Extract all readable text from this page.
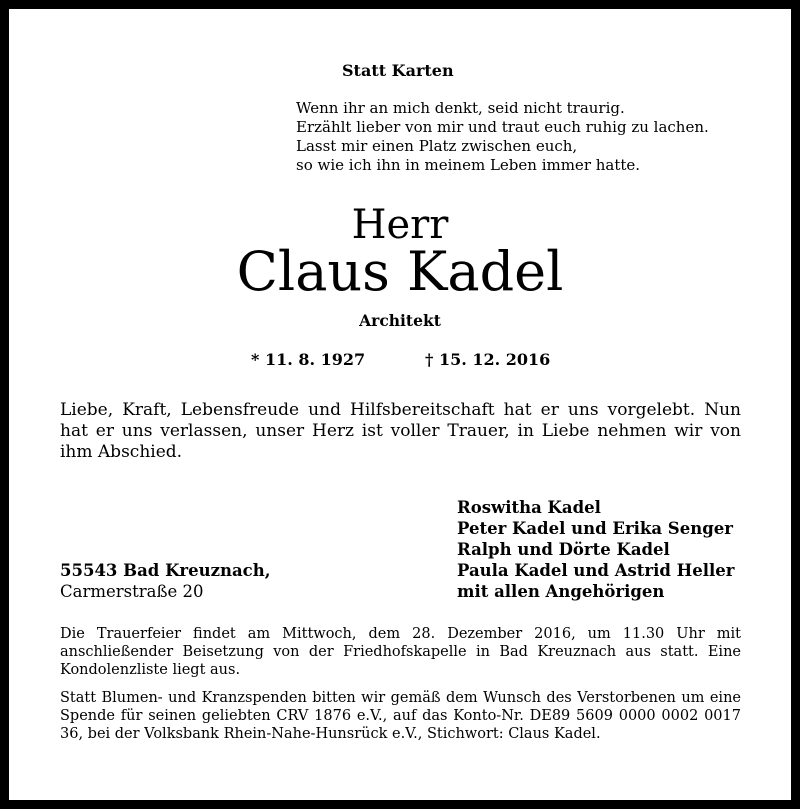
Statt Karten
Wenn ihr an mich denkt, seid nicht traurig.
Erzählt lieber von mir und traut euch ruhig zu lachen.
Lasst mir einen Platz zwischen euch,
so wie ich ihn in meinem Leben immer hatte.
Herr
Claus Kadel
Architekt
* 11. 8. 1927	† 15. 12. 2016
Liebe, Kraft, Lebensfreude und Hilfsbereitschaft hat er uns vorgelebt. Nun hat er uns verlassen, unser Herz ist voller Trauer, in Liebe nehmen wir von ihm Abschied.
Roswitha Kadel
Peter Kadel und Erika Senger
Ralph und Dörte Kadel
Paula Kadel und Astrid Heller
mit allen Angehörigen
55543 Bad Kreuznach,
Carmerstraße 20
Die Trauerfeier findet am Mittwoch, dem 28. Dezember 2016, um 11.30 Uhr mit anschließender Beisetzung von der Friedhofskapelle in Bad Kreuznach aus statt. Eine Kondolenzliste liegt aus.
Statt Blumen- und Kranzspenden bitten wir gemäß dem Wunsch des Verstorbenen um eine Spende für seinen geliebten CRV 1876 e.V., auf das Konto-Nr. DE89 5609 0000 0002 0017 36, bei der Volksbank Rhein-Nahe-Hunsrück e.V., Stichwort: Claus Kadel.
